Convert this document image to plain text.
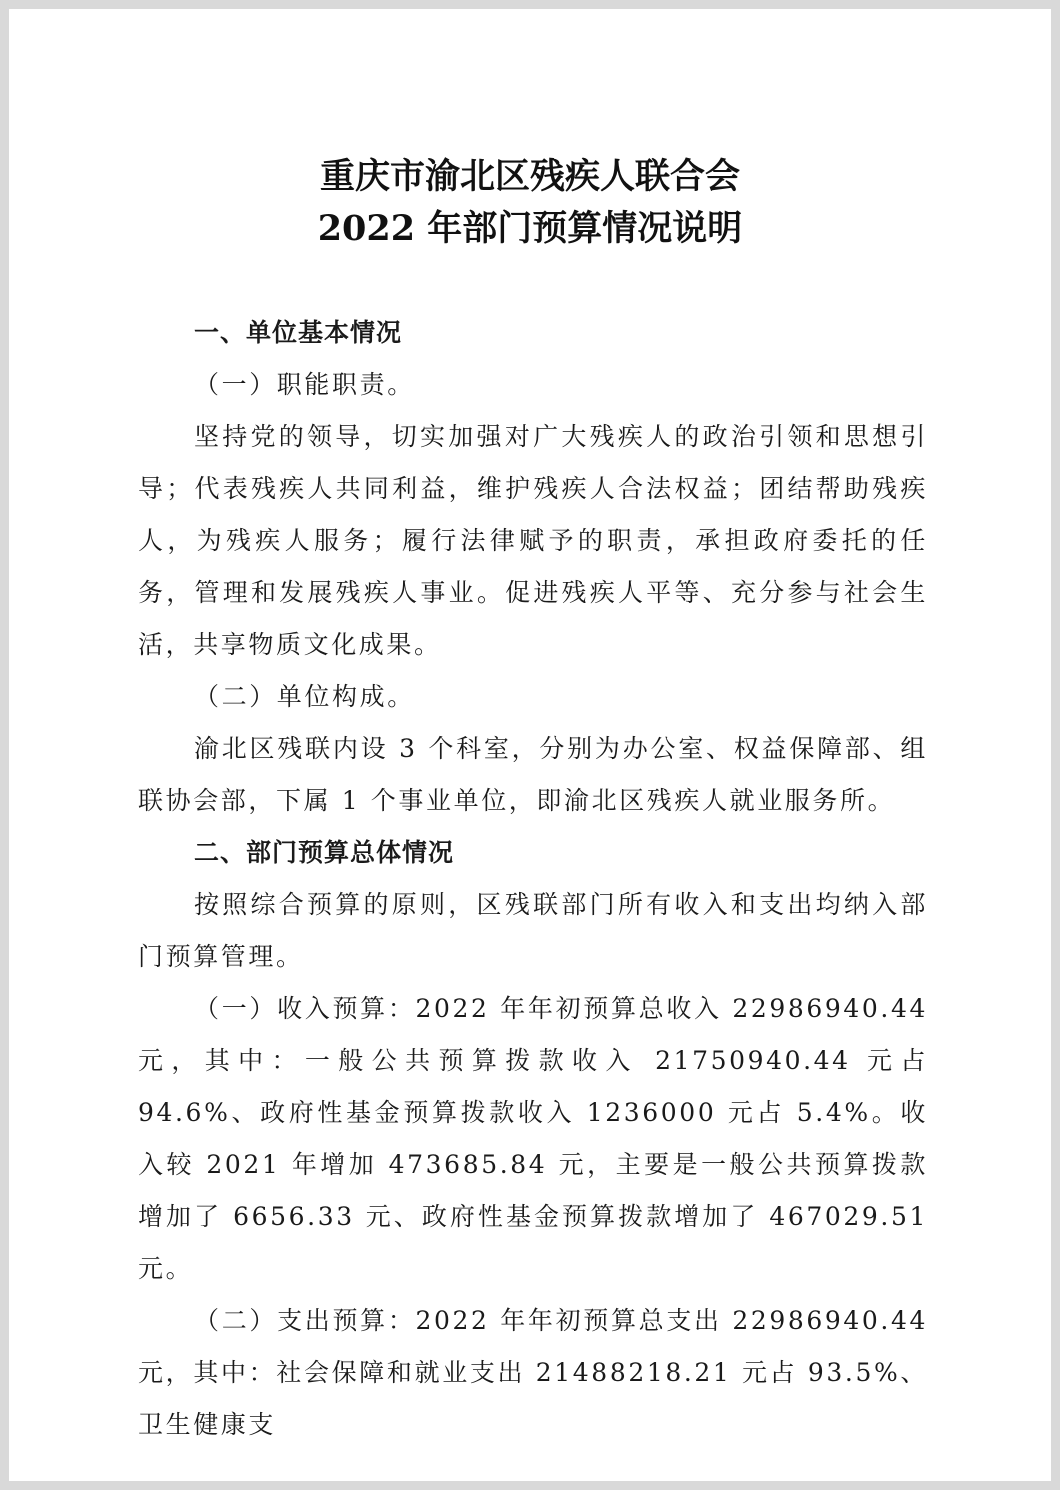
重庆市渝北区残疾人联合会
2022 年部门预算情况说明

一、单位基本情况

（一）职能职责。

坚持党的领导，切实加强对广大残疾人的政治引领和思想引导；代表残疾人共同利益，维护残疾人合法权益；团结帮助残疾人，为残疾人服务；履行法律赋予的职责，承担政府委托的任务，管理和发展残疾人事业。促进残疾人平等、充分参与社会生活，共享物质文化成果。

（二）单位构成。

渝北区残联内设 3 个科室，分别为办公室、权益保障部、组联协会部，下属 1 个事业单位，即渝北区残疾人就业服务所。

二、部门预算总体情况

按照综合预算的原则，区残联部门所有收入和支出均纳入部门预算管理。

（一）收入预算：2022 年年初预算总收入 22986940.44 元，其中：一般公共预算拨款收入 21750940.44 元占 94.6%、政府性基金预算拨款收入 1236000 元占 5.4%。收入较 2021 年增加 473685.84 元，主要是一般公共预算拨款增加了 6656.33 元、政府性基金预算拨款增加了 467029.51 元。

（二）支出预算：2022 年年初预算总支出 22986940.44 元，其中：社会保障和就业支出 21488218.21 元占 93.5%、卫生健康支
